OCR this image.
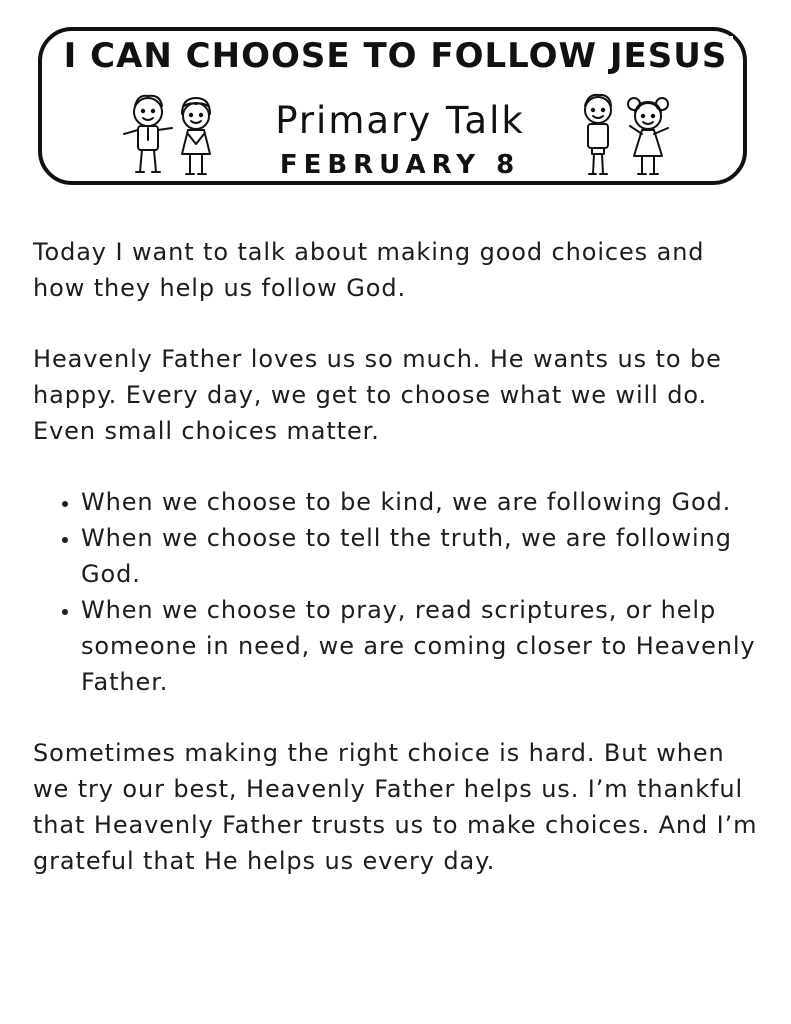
I CAN CHOOSE TO FOLLOW JESUS
Primary Talk
FEBRUARY 8

Today I want to talk about making good choices and how they help us follow God.

Heavenly Father loves us so much. He wants us to be happy. Every day, we get to choose what we will do. Even small choices matter.

• When we choose to be kind, we are following God.
• When we choose to tell the truth, we are following God.
• When we choose to pray, read scriptures, or help someone in need, we are coming closer to Heavenly Father.

Sometimes making the right choice is hard. But when we try our best, Heavenly Father helps us. I’m thankful that Heavenly Father trusts us to make choices. And I’m grateful that He helps us every day.
